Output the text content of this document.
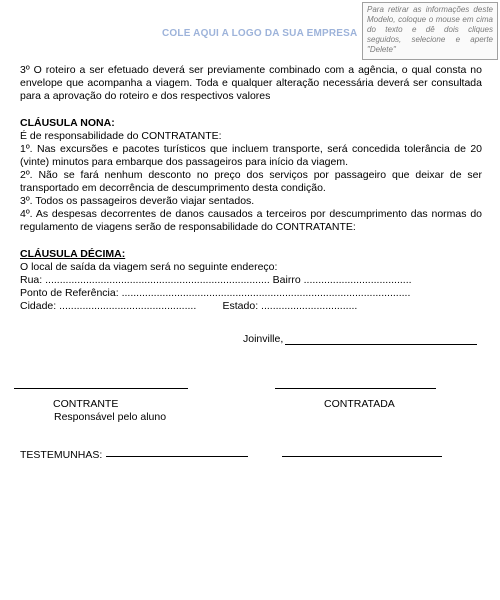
COLE AQUI A LOGO DA SUA EMPRESA
Para retirar as informações deste Modelo, coloque o mouse em cima do texto e dê dois cliques seguidos, selecione e aperte "Delete"

3º O roteiro a ser efetuado deverá ser previamente combinado com a agência, o qual consta no envelope que acompanha a viagem. Toda e qualquer alteração necessária deverá ser consultada para a aprovação do roteiro e dos respectivos valores

CLÁUSULA NONA:

É de responsabilidade do CONTRATANTE:

1º. Nas excursões e pacotes turísticos que incluem transporte, será concedida tolerância de 20 (vinte) minutos para embarque dos passageiros para início da viagem.

2º. Não se fará nenhum desconto no preço dos serviços por passageiro que deixar de ser transportado em decorrência de descumprimento desta condição.

3º. Todos os passageiros deverão viajar sentados.

4º. As despesas decorrentes de danos causados a terceiros por descumprimento das normas do regulamento de viagens serão de responsabilidade do CONTRATANTE:

CLÁUSULA DÉCIMA:

O local de saída da viagem será no seguinte endereço:

Rua: ............................................................................. Bairro .....................................

Ponto de Referência: ...................................................................................................

Cidade: ...............................................	Estado: .................................

Joinville,
CONTRANTE	CONTRATADA
Responsável pelo aluno
TESTEMUNHAS:
